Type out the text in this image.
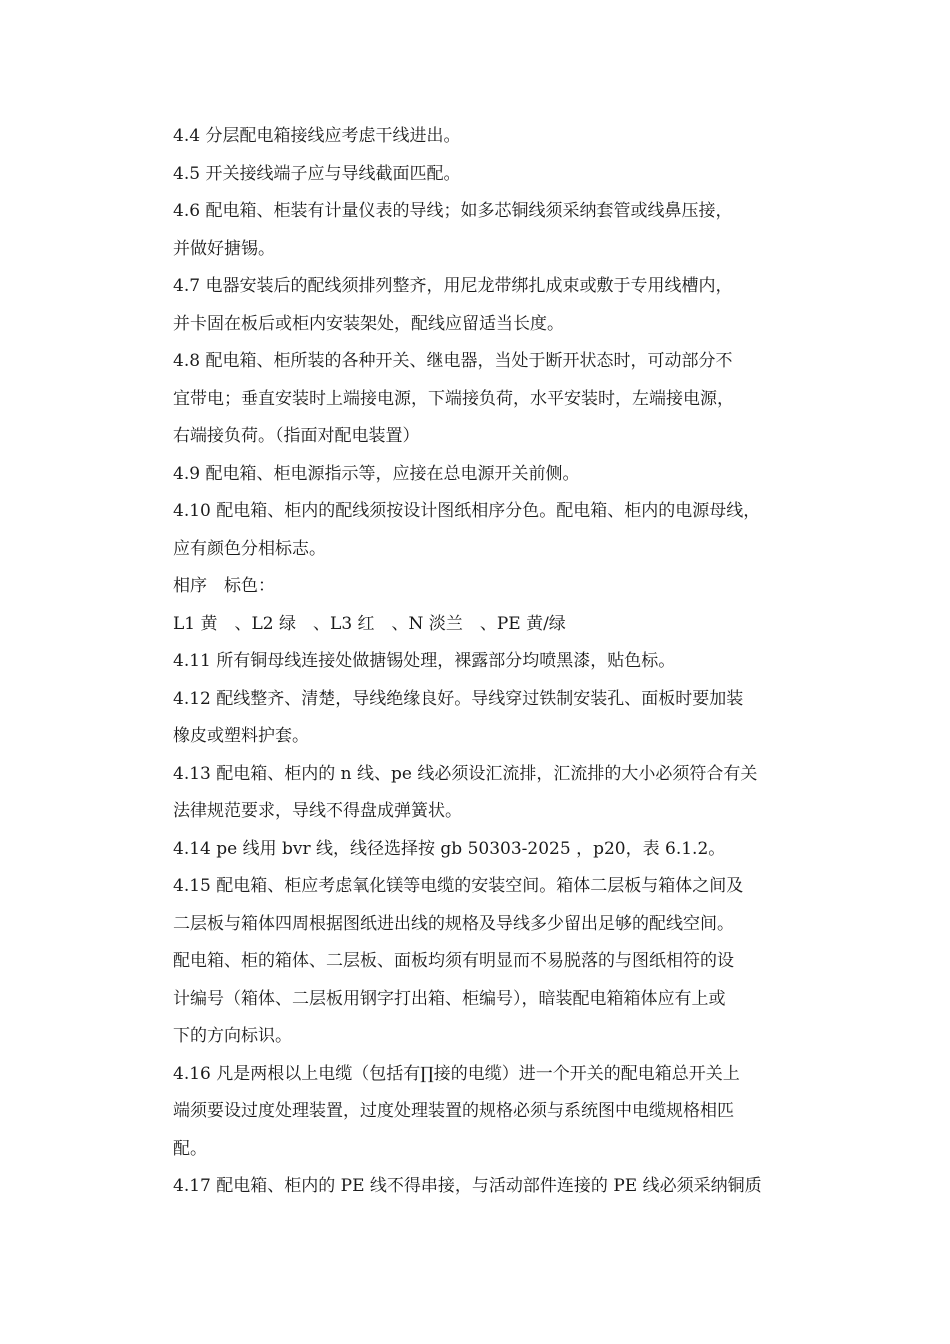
4.4 分层配电箱接线应考虑干线进出。
4.5 开关接线端子应与导线截面匹配。
4.6 配电箱、柜装有计量仪表的导线；如多芯铜线须采纳套管或线鼻压接，
并做好搪锡。
4.7 电器安装后的配线须排列整齐，用尼龙带绑扎成束或敷于专用线槽内，
并卡固在板后或柜内安装架处，配线应留适当长度。
4.8 配电箱、柜所装的各种开关、继电器，当处于断开状态时，可动部分不
宜带电；垂直安装时上端接电源，下端接负荷，水平安装时，左端接电源，
右端接负荷。（指面对配电装置）
4.9 配电箱、柜电源指示等，应接在总电源开关前侧。
4.10 配电箱、柜内的配线须按设计图纸相序分色。配电箱、柜内的电源母线，
应有颜色分相标志。
相序 标色：
L1 黄 、L2 绿 、L3 红 、N 淡兰 、PE 黄/绿
4.11 所有铜母线连接处做搪锡处理，裸露部分均喷黑漆，贴色标。
4.12 配线整齐、清楚，导线绝缘良好。导线穿过铁制安装孔、面板时要加装
橡皮或塑料护套。
4.13 配电箱、柜内的 n 线、pe 线必须设汇流排，汇流排的大小必须符合有关
法律规范要求，导线不得盘成弹簧状。
4.14 pe 线用 bvr 线，线径选择按 gb 50303-2025 ，p20，表 6.1.2。
4.15 配电箱、柜应考虑氧化镁等电缆的安装空间。箱体二层板与箱体之间及
二层板与箱体四周根据图纸进出线的规格及导线多少留出足够的配线空间。
配电箱、柜的箱体、二层板、面板均须有明显而不易脱落的与图纸相符的设
计编号（箱体、二层板用钢字打出箱、柜编号），暗装配电箱箱体应有上或
下的方向标识。
4.16 凡是两根以上电缆（包括有∏接的电缆）进一个开关的配电箱总开关上
端须要设过度处理装置，过度处理装置的规格必须与系统图中电缆规格相匹
配。
4.17 配电箱、柜内的 PE 线不得串接，与活动部件连接的 PE 线必须采纳铜质
